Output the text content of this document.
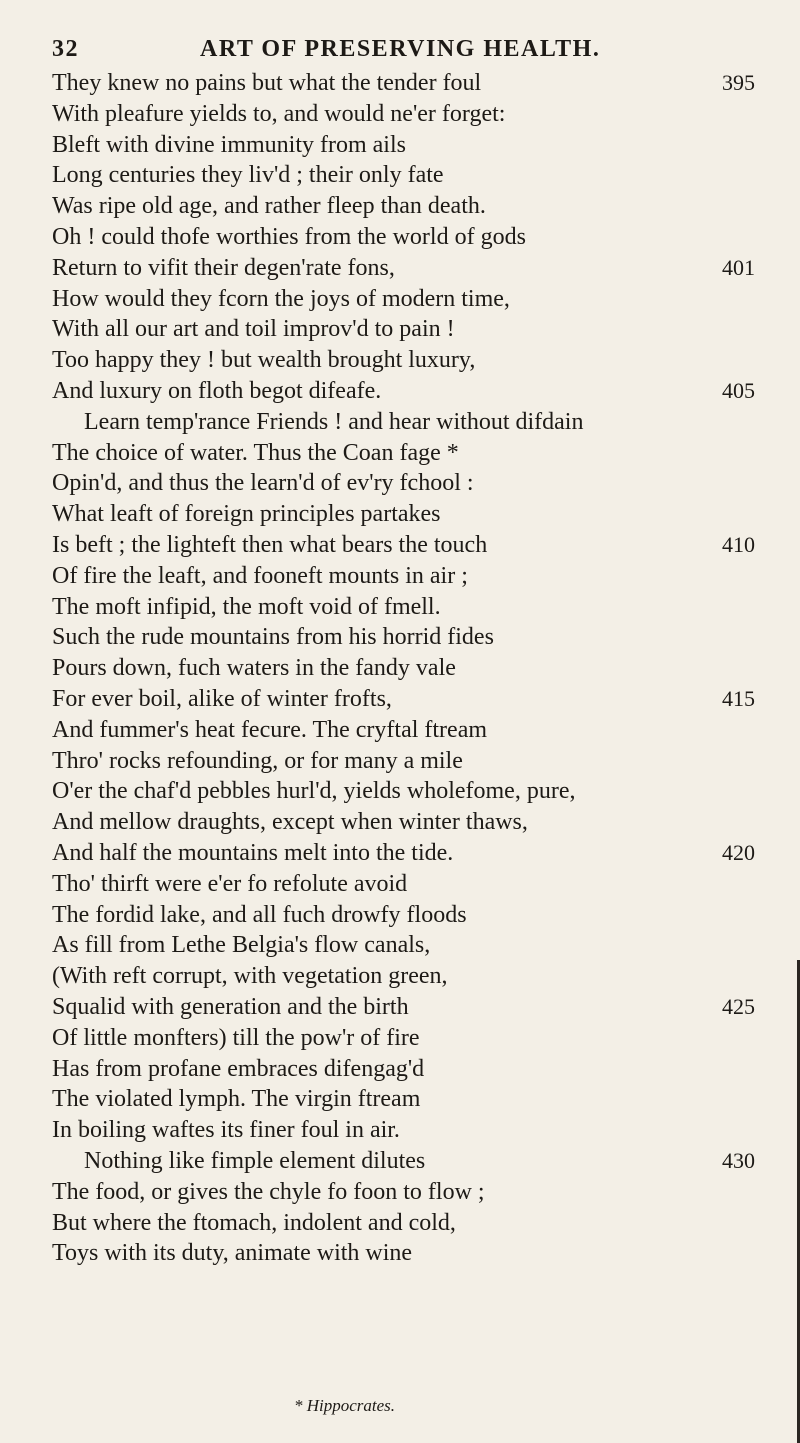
32	ART OF PRESERVING HEALTH.
They knew no pains but what the tender foul	395
With pleafure yields to, and would ne'er forget:
Bleft with divine immunity from ails
Long centuries they liv'd ; their only fate
Was ripe old age, and rather fleep than death.
Oh ! could thofe worthies from the world of gods
Return to vifit their degen'rate fons,	401
How would they fcorn the joys of modern time,
With all our art and toil improv'd to pain !
Too happy they ! but wealth brought luxury,
And luxury on floth begot difeafe.	405
Learn temp'rance Friends ! and hear without difdain
The choice of water. Thus the Coan fage *
Opin'd, and thus the learn'd of ev'ry fchool :
What leaft of foreign principles partakes
Is beft ; the lighteft then what bears the touch	410
Of fire the leaft, and fooneft mounts in air ;
The moft infipid, the moft void of fmell.
Such the rude mountains from his horrid fides
Pours down, fuch waters in the fandy vale
For ever boil, alike of winter frofts,	415
And fummer's heat fecure. The cryftal ftream
Thro' rocks refounding, or for many a mile
O'er the chaf'd pebbles hurl'd, yields wholefome, pure,
And mellow draughts, except when winter thaws,
And half the mountains melt into the tide.	420
Tho' thirft were e'er fo refolute avoid
The fordid lake, and all fuch drowfy floods
As fill from Lethe Belgia's flow canals,
(With reft corrupt, with vegetation green,
Squalid with generation and the birth	425
Of little monfters) till the pow'r of fire
Has from profane embraces difengag'd
The violated lymph. The virgin ftream
In boiling waftes its finer foul in air.
Nothing like fimple element dilutes	430
The food, or gives the chyle fo foon to flow ;
But where the ftomach, indolent and cold,
Toys with its duty, animate with wine
* Hippocrates.
